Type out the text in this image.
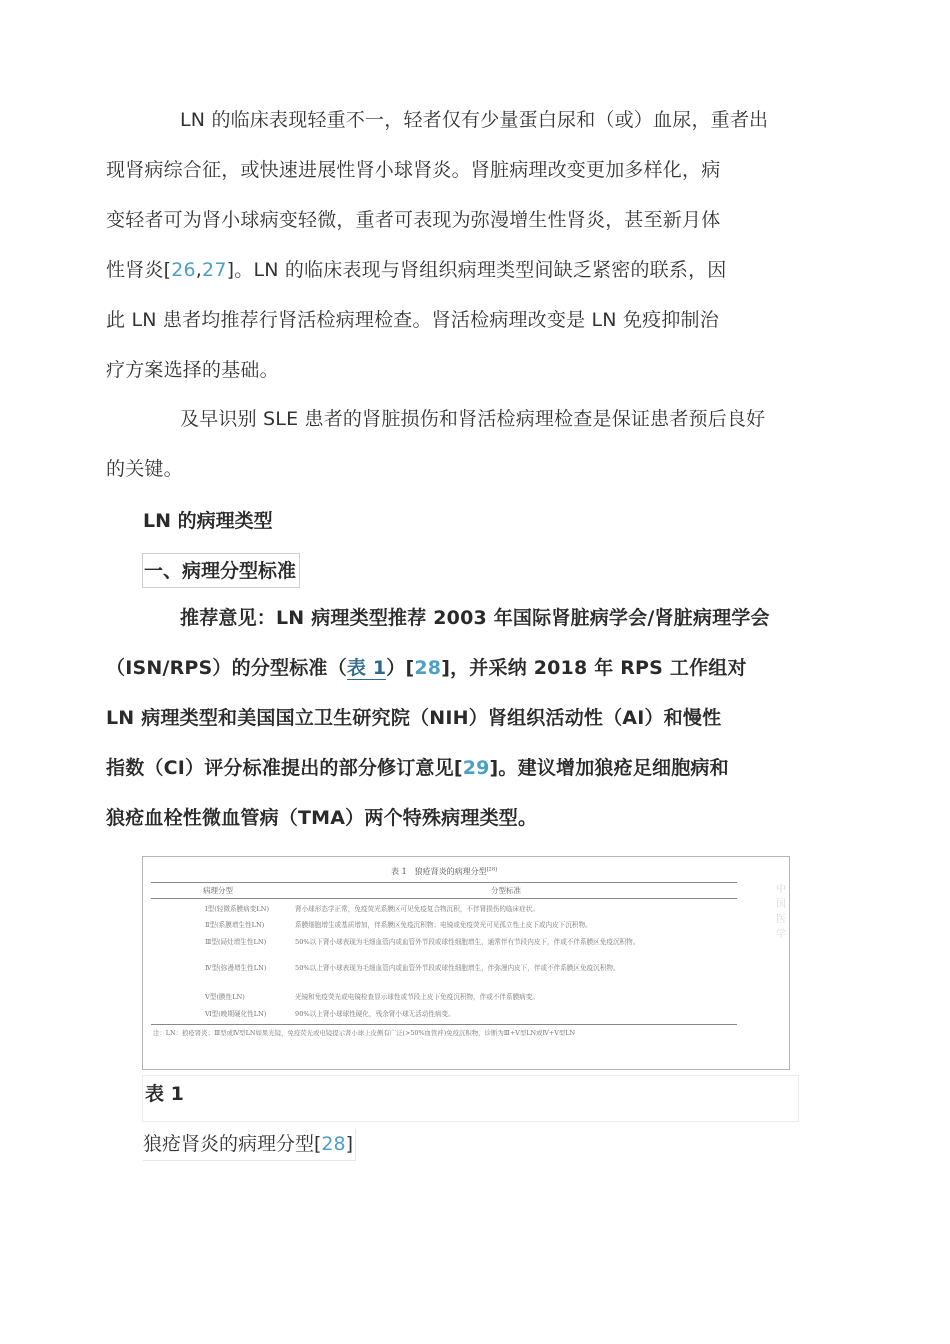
LN 的临床表现轻重不一，轻者仅有少量蛋白尿和（或）血尿，重者出
现肾病综合征，或快速进展性肾小球肾炎。肾脏病理改变更加多样化，病
变轻者可为肾小球病变轻微，重者可表现为弥漫增生性肾炎，甚至新月体
性肾炎[26,27]。LN 的临床表现与肾组织病理类型间缺乏紧密的联系，因
此 LN 患者均推荐行肾活检病理检查。肾活检病理改变是 LN 免疫抑制治
疗方案选择的基础。

及早识别 SLE 患者的肾脏损伤和肾活检病理检查是保证患者预后良好
的关键。

LN 的病理类型
一、病理分型标准

推荐意见：LN 病理类型推荐 2003 年国际肾脏病学会/肾脏病理学会
（ISN/RPS）的分型标准（表 1）[28]，并采纳 2018 年 RPS 工作组对
LN 病理类型和美国国立卫生研究院（NIH）肾组织活动性（AI）和慢性
指数（CI）评分标准提出的部分修订意见[29]。建议增加狼疮足细胞病和
狼疮血栓性微血管病（TMA）两个特殊病理类型。

表 1　狼疮肾炎的病理分型[28]
中国医学
病理分型	分型标准
Ⅰ型(轻微系膜病变LN)	肾小球形态学正常，免疫荧光系膜区可见免疫复合物沉积，不伴肾损伤的临床症状。
Ⅱ型(系膜增生性LN)	系膜细胞增生或基质增加，伴系膜区免疫沉积物；电镜或免疫荧光可见孤立性上皮下或内皮下沉积物。
Ⅲ型(局灶增生性LN)	50%以下肾小球表现为毛细血管内或血管外节段或球性细胞增生，通常伴有节段内皮下，伴或不伴系膜区免疫沉积物。
Ⅳ型(弥漫增生性LN)	50%以上肾小球表现为毛细血管内或血管外节段或球性细胞增生，伴弥漫内皮下，伴或不伴系膜区免疫沉积物。
Ⅴ型(膜性LN)	光镜和免疫荧光或电镜检查显示球性或节段上皮下免疫沉积物，伴或不伴系膜病变。
Ⅵ型(晚期硬化性LN)	90%以上肾小球球性硬化，残余肾小球无活动性病变。
注：LN：狼疮肾炎；Ⅲ型或Ⅳ型LN如果光镜，免疫荧光或电镜提示肾小球上皮侧有广泛(>50%血管袢)免疫沉积物，诊断为Ⅲ+Ⅴ型LN或Ⅳ+Ⅴ型LN
表 1
狼疮肾炎的病理分型[28]
